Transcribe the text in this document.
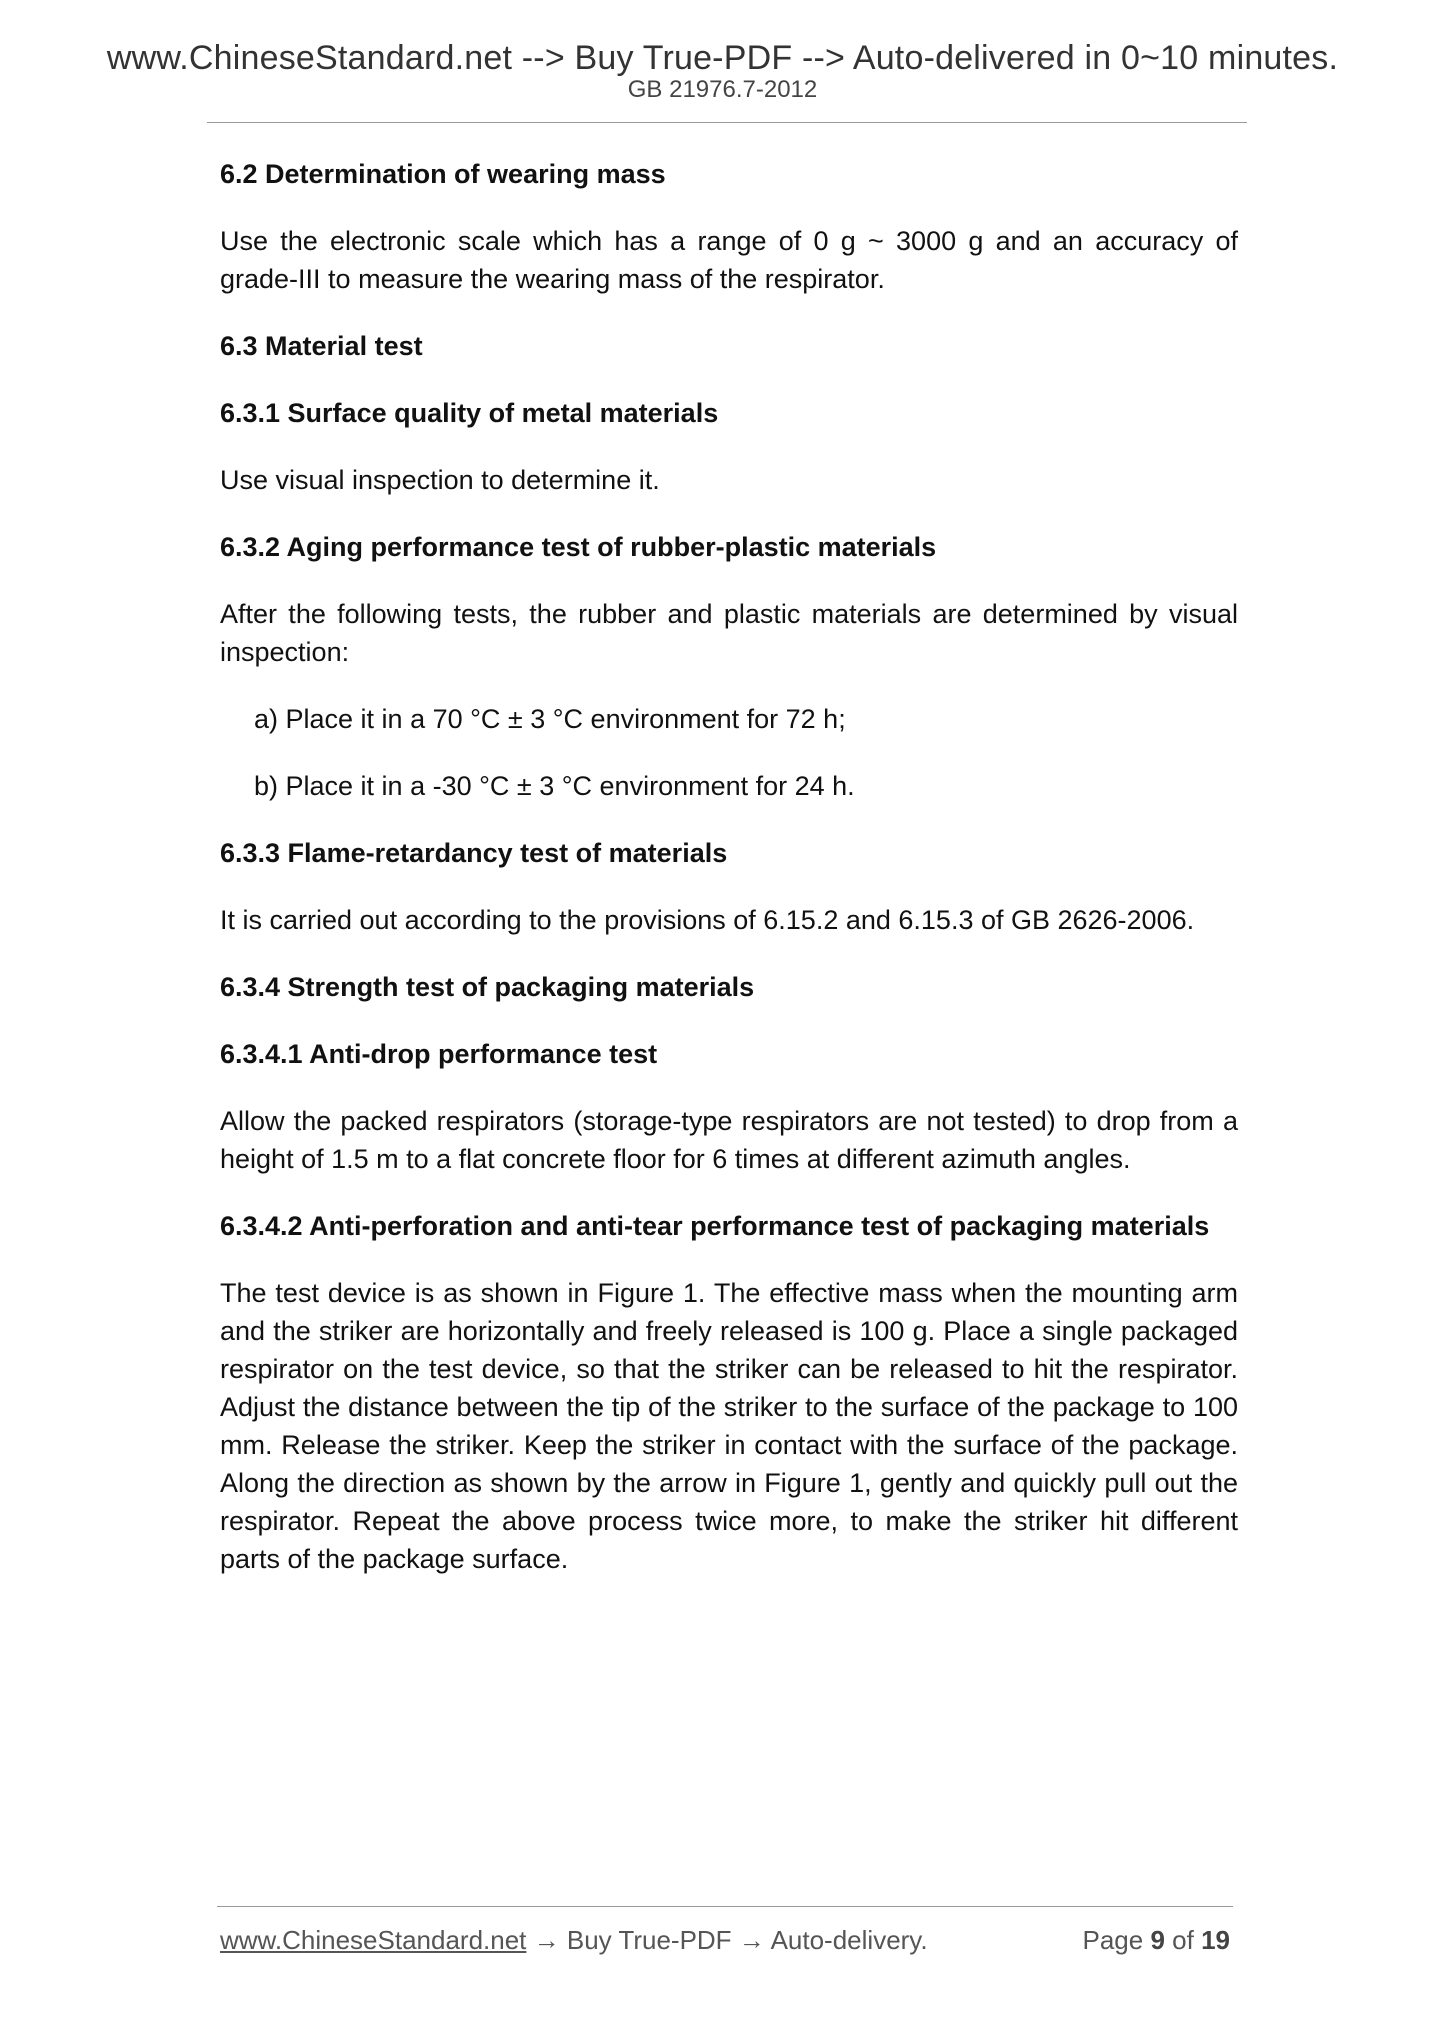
www.ChineseStandard.net --> Buy True-PDF --> Auto-delivered in 0~10 minutes.
GB 21976.7-2012
6.2 Determination of wearing mass
Use the electronic scale which has a range of 0 g ~ 3000 g and an accuracy of grade-III to measure the wearing mass of the respirator.
6.3 Material test
6.3.1 Surface quality of metal materials
Use visual inspection to determine it.
6.3.2 Aging performance test of rubber-plastic materials
After the following tests, the rubber and plastic materials are determined by visual inspection:
a) Place it in a 70 °C ± 3 °C environment for 72 h;
b) Place it in a -30 °C ± 3 °C environment for 24 h.
6.3.3 Flame-retardancy test of materials
It is carried out according to the provisions of 6.15.2 and 6.15.3 of GB 2626-2006.
6.3.4 Strength test of packaging materials
6.3.4.1 Anti-drop performance test
Allow the packed respirators (storage-type respirators are not tested) to drop from a height of 1.5 m to a flat concrete floor for 6 times at different azimuth angles.
6.3.4.2 Anti-perforation and anti-tear performance test of packaging materials
The test device is as shown in Figure 1. The effective mass when the mounting arm and the striker are horizontally and freely released is 100 g. Place a single packaged respirator on the test device, so that the striker can be released to hit the respirator. Adjust the distance between the tip of the striker to the surface of the package to 100 mm. Release the striker. Keep the striker in contact with the surface of the package. Along the direction as shown by the arrow in Figure 1, gently and quickly pull out the respirator. Repeat the above process twice more, to make the striker hit different parts of the package surface.
www.ChineseStandard.net → Buy True-PDF → Auto-delivery.	Page 9 of 19
